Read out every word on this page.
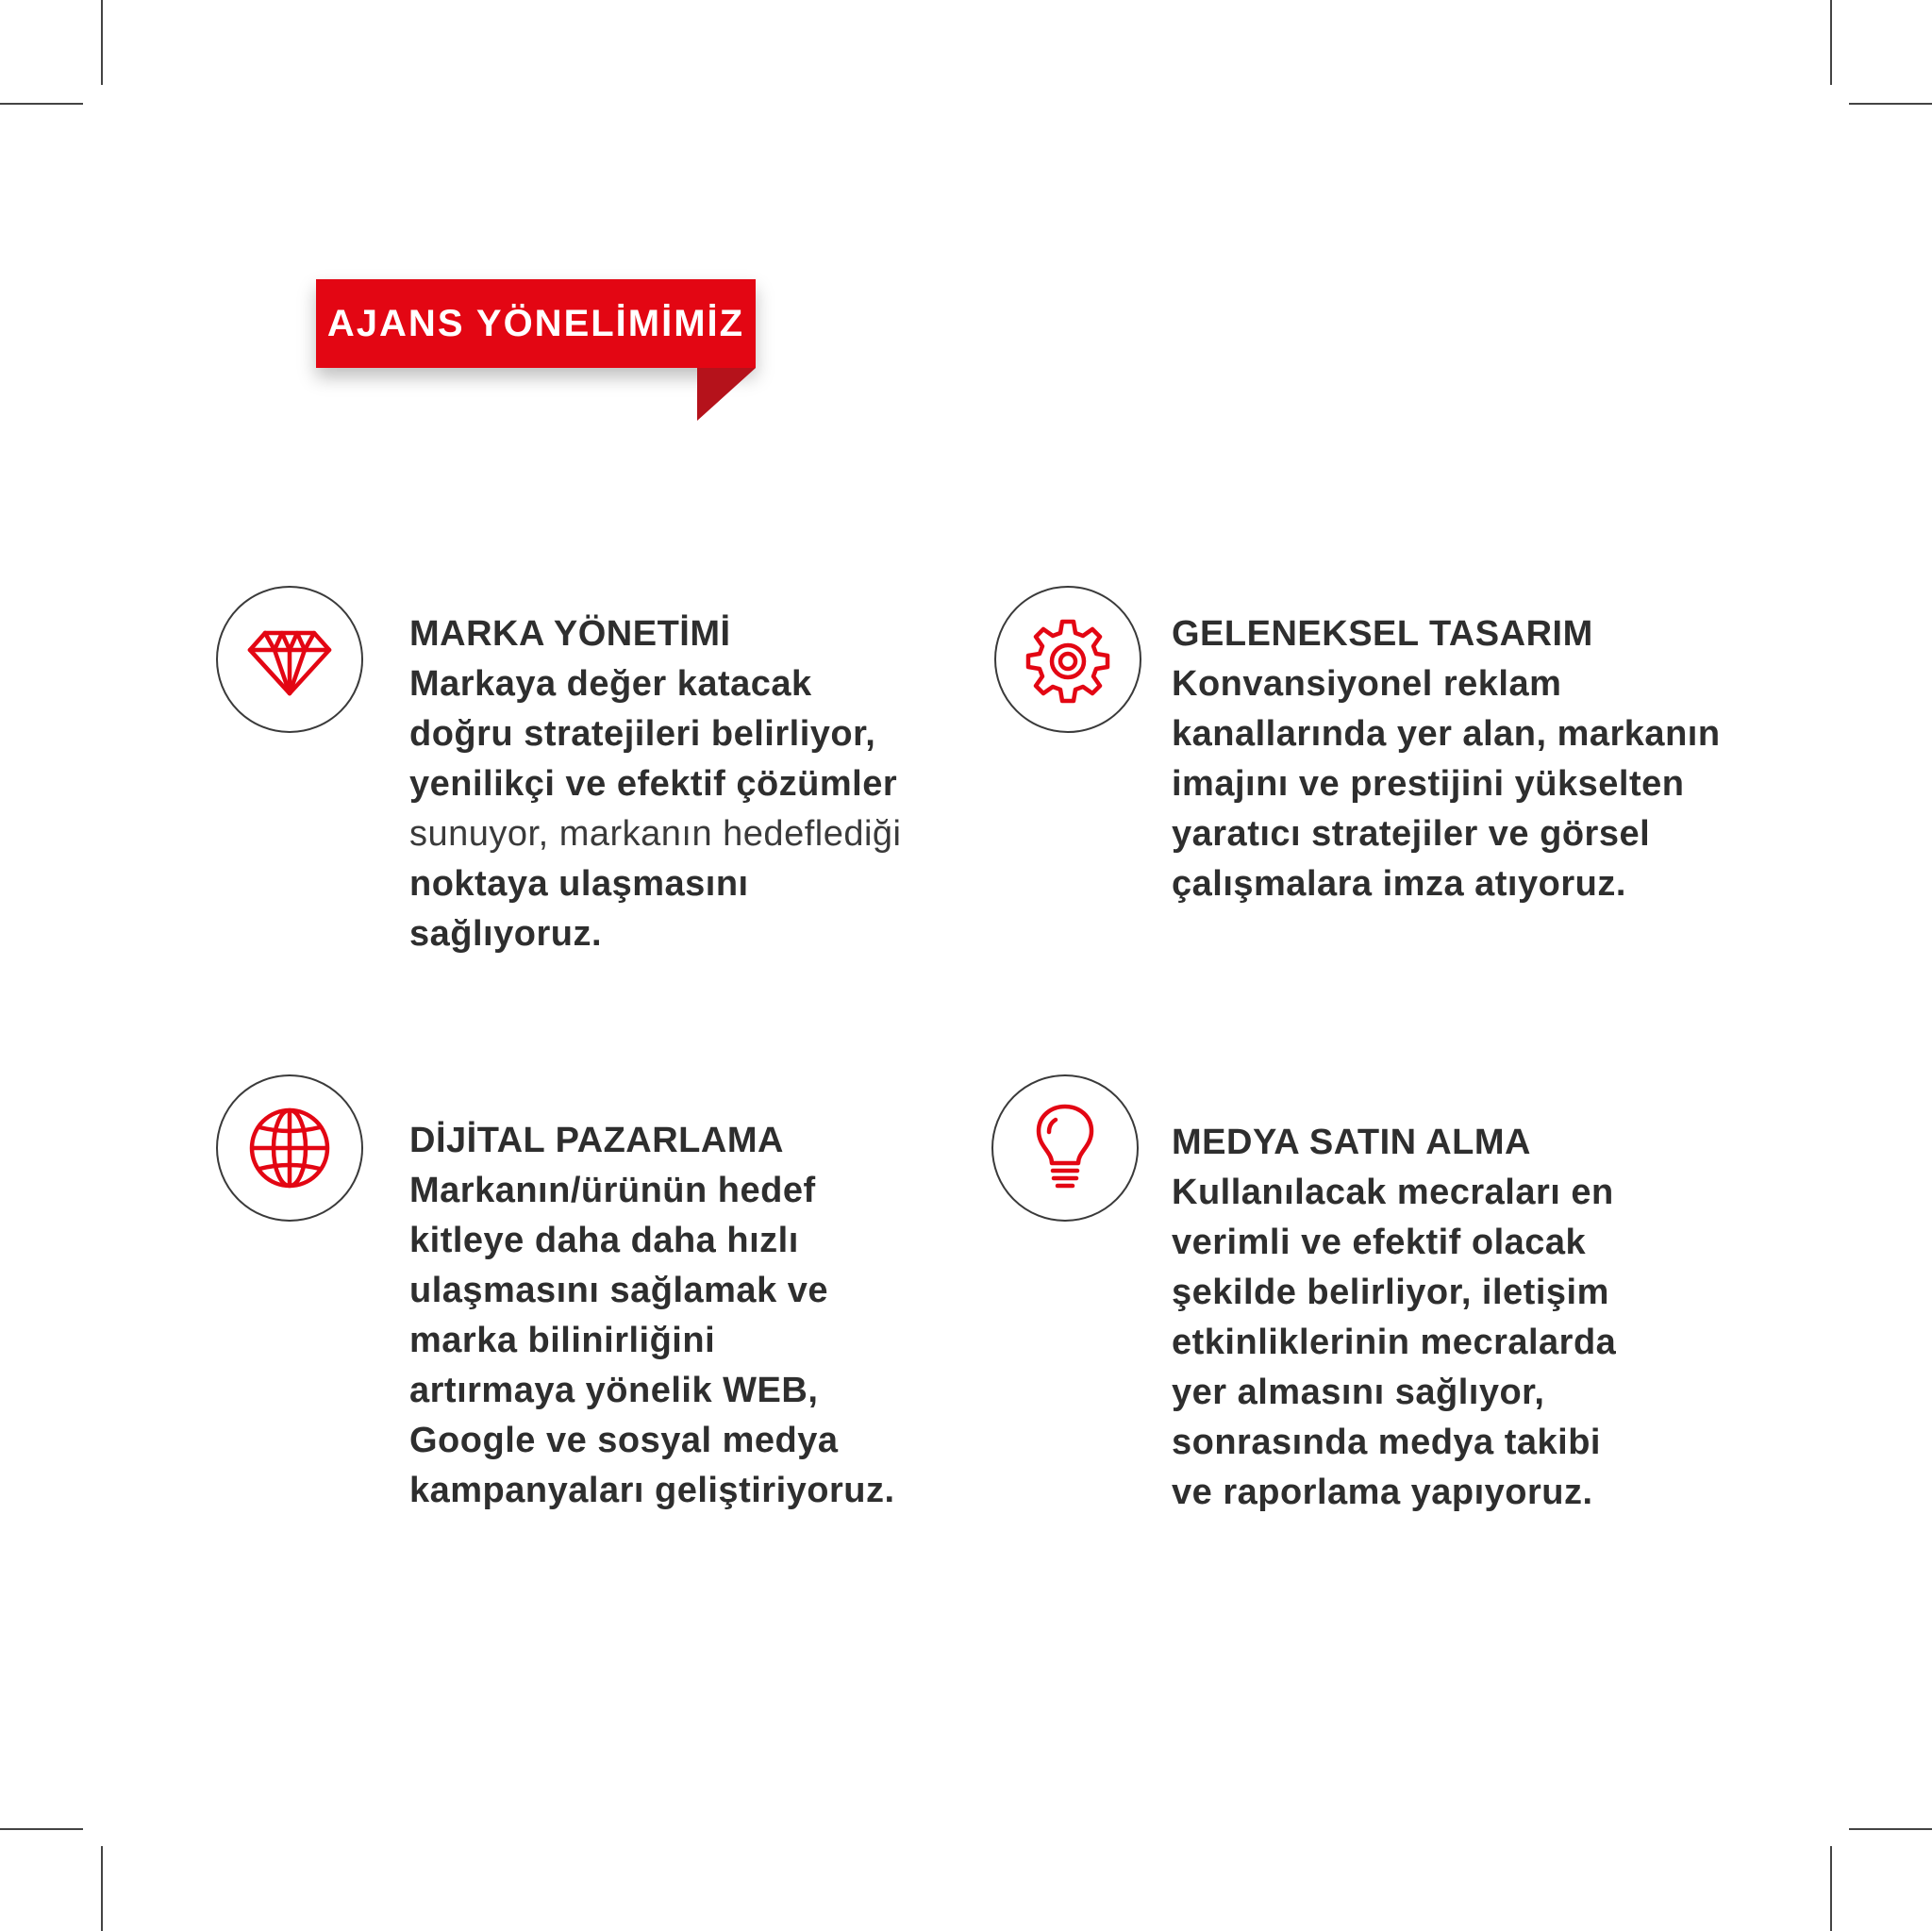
AJANS YÖNELİMİMİZ
MARKA YÖNETİMİ
Markaya değer katacak
doğru stratejileri belirliyor,
yenilikçi ve efektif çözümler
sunuyor, markanın hedeflediği
noktaya ulaşmasını
sağlıyoruz.
GELENEKSEL TASARIM
Konvansiyonel reklam
kanallarında yer alan, markanın
imajını ve prestijini yükselten
yaratıcı stratejiler ve görsel
çalışmalara imza atıyoruz.
DİJİTAL PAZARLAMA
Markanın/ürünün hedef
kitleye daha daha hızlı
ulaşmasını sağlamak ve
marka bilinirliğini
artırmaya yönelik WEB,
Google ve sosyal medya
kampanyaları geliştiriyoruz.
MEDYA SATIN ALMA
Kullanılacak mecraları en
verimli ve efektif olacak
şekilde belirliyor, iletişim
etkinliklerinin mecralarda
yer almasını sağlıyor,
sonrasında medya takibi
ve raporlama yapıyoruz.
